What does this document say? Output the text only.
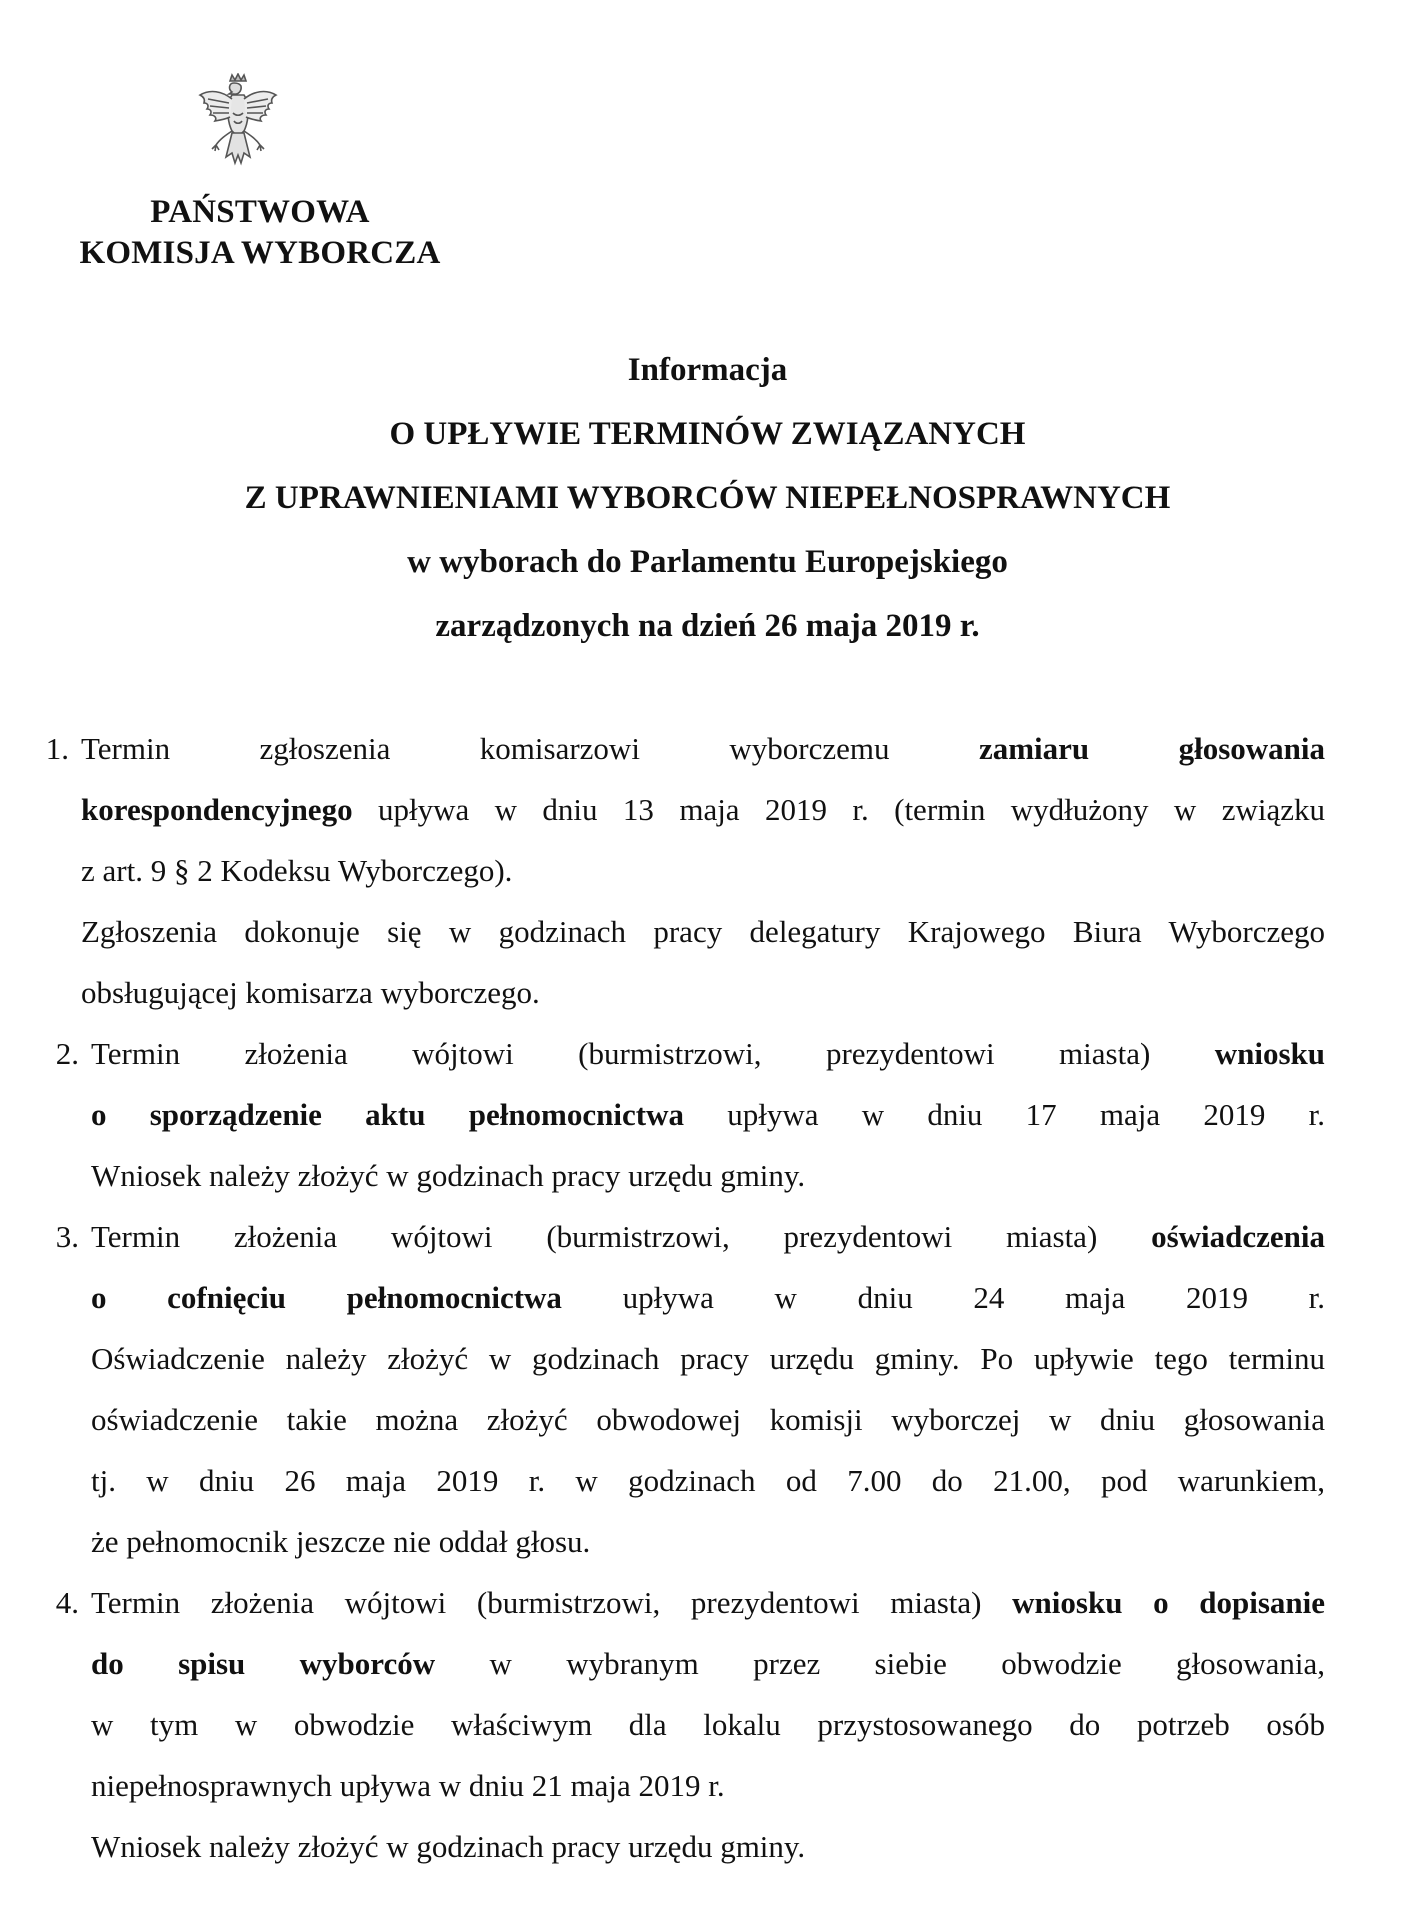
PAŃSTWOWA
KOMISJA WYBORCZA
Informacja
O UPŁYWIE TERMINÓW ZWIĄZANYCH
Z UPRAWNIENIAMI WYBORCÓW NIEPEŁNOSPRAWNYCH
w wyborach do Parlamentu Europejskiego
zarządzonych na dzień 26 maja 2019 r.
1. Termin zgłoszenia komisarzowi wyborczemu zamiaru głosowania
korespondencyjnego upływa w dniu 13 maja 2019 r. (termin wydłużony w związku
z art. 9 § 2 Kodeksu Wyborczego).
Zgłoszenia dokonuje się w godzinach pracy delegatury Krajowego Biura Wyborczego
obsługującej komisarza wyborczego.
2. Termin złożenia wójtowi (burmistrzowi, prezydentowi miasta) wniosku
o sporządzenie aktu pełnomocnictwa upływa w dniu 17 maja 2019 r.
Wniosek należy złożyć w godzinach pracy urzędu gminy.
3. Termin złożenia wójtowi (burmistrzowi, prezydentowi miasta) oświadczenia
o cofnięciu pełnomocnictwa upływa w dniu 24 maja 2019 r.
Oświadczenie należy złożyć w godzinach pracy urzędu gminy. Po upływie tego terminu
oświadczenie takie można złożyć obwodowej komisji wyborczej w dniu głosowania
tj. w dniu 26 maja 2019 r. w godzinach od 7.00 do 21.00, pod warunkiem,
że pełnomocnik jeszcze nie oddał głosu.
4. Termin złożenia wójtowi (burmistrzowi, prezydentowi miasta) wniosku o dopisanie
do spisu wyborców w wybranym przez siebie obwodzie głosowania,
w tym w obwodzie właściwym dla lokalu przystosowanego do potrzeb osób
niepełnosprawnych upływa w dniu 21 maja 2019 r.
Wniosek należy złożyć w godzinach pracy urzędu gminy.
